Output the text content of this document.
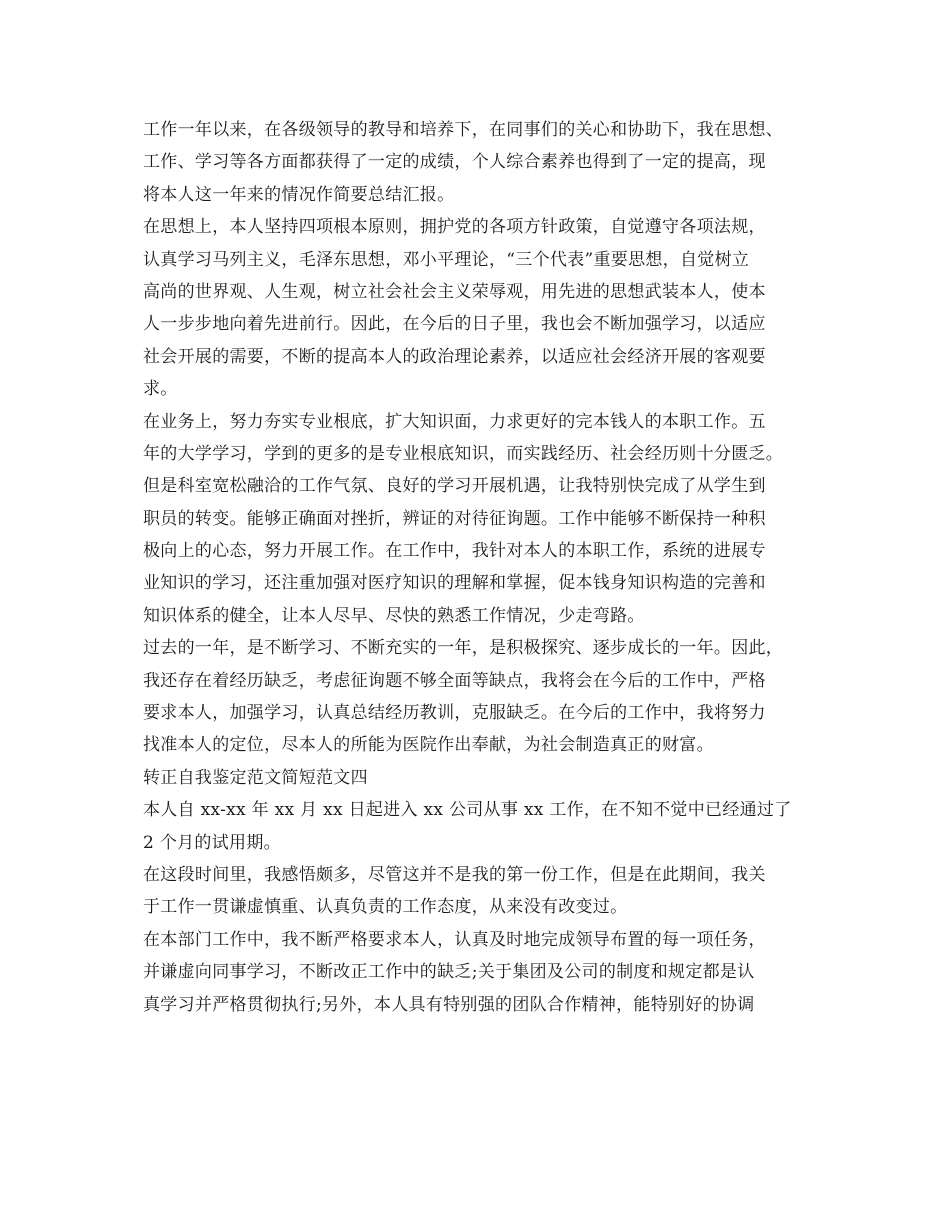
工作一年以来，在各级领导的教导和培养下，在同事们的关心和协助下，我在思想、
工作、学习等各方面都获得了一定的成绩，个人综合素养也得到了一定的提高，现
将本人这一年来的情况作简要总结汇报。
在思想上，本人坚持四项根本原则，拥护党的各项方针政策，自觉遵守各项法规，
认真学习马列主义，毛泽东思想，邓小平理论，“三个代表”重要思想，自觉树立
高尚的世界观、人生观，树立社会社会主义荣辱观，用先进的思想武装本人，使本
人一步步地向着先进前行。因此，在今后的日子里，我也会不断加强学习，以适应
社会开展的需要，不断的提高本人的政治理论素养，以适应社会经济开展的客观要
求。
在业务上，努力夯实专业根底，扩大知识面，力求更好的完本钱人的本职工作。五
年的大学学习，学到的更多的是专业根底知识，而实践经历、社会经历则十分匮乏。
但是科室宽松融洽的工作气氛、良好的学习开展机遇，让我特别快完成了从学生到
职员的转变。能够正确面对挫折，辨证的对待征询题。工作中能够不断保持一种积
极向上的心态，努力开展工作。在工作中，我针对本人的本职工作，系统的进展专
业知识的学习，还注重加强对医疗知识的理解和掌握，促本钱身知识构造的完善和
知识体系的健全，让本人尽早、尽快的熟悉工作情况，少走弯路。
过去的一年，是不断学习、不断充实的一年，是积极探究、逐步成长的一年。因此，
我还存在着经历缺乏，考虑征询题不够全面等缺点，我将会在今后的工作中，严格
要求本人，加强学习，认真总结经历教训，克服缺乏。在今后的工作中，我将努力
找准本人的定位，尽本人的所能为医院作出奉献，为社会制造真正的财富。
转正自我鉴定范文简短范文四
本人自 xx-xx 年 xx 月 xx 日起进入 xx 公司从事 xx 工作，在不知不觉中已经通过了
2 个月的试用期。
在这段时间里，我感悟颇多，尽管这并不是我的第一份工作，但是在此期间，我关
于工作一贯谦虚慎重、认真负责的工作态度，从来没有改变过。
在本部门工作中，我不断严格要求本人，认真及时地完成领导布置的每一项任务，
并谦虚向同事学习，不断改正工作中的缺乏;关于集团及公司的制度和规定都是认
真学习并严格贯彻执行;另外，本人具有特别强的团队合作精神，能特别好的协调
